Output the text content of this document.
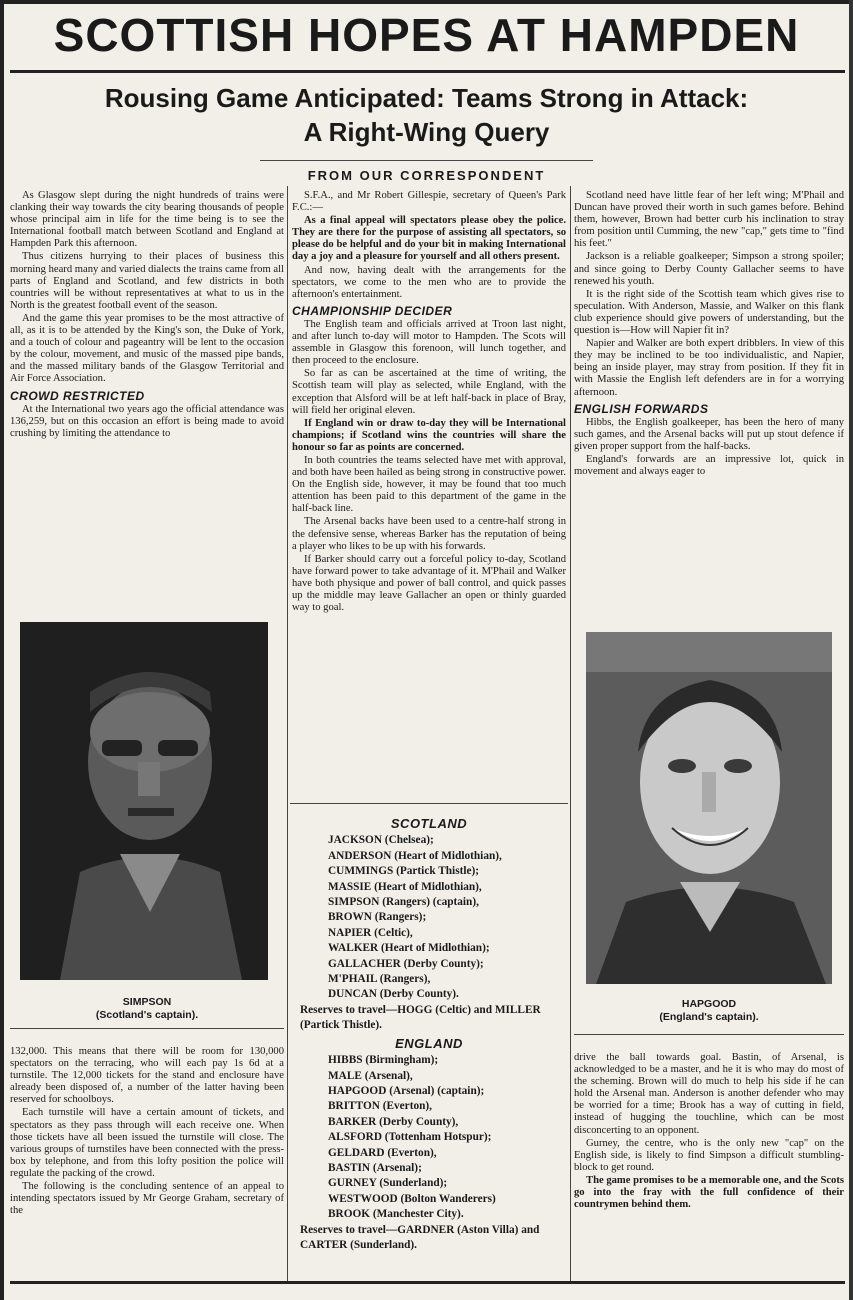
SCOTTISH HOPES AT HAMPDEN
Rousing Game Anticipated: Teams Strong in Attack:
A Right-Wing Query
FROM OUR CORRESPONDENT

As Glasgow slept during the night hundreds of trains were clanking their way towards the city bearing thousands of people whose principal aim in life for the time being is to see the International football match between Scotland and England at Hampden Park this afternoon.

Thus citizens hurrying to their places of business this morning heard many and varied dialects the trains came from all parts of England and Scotland, and few districts in both countries will be without representatives at what to us in the North is the greatest football event of the season.

And the game this year promises to be the most attractive of all, as it is to be attended by the King's son, the Duke of York, and a touch of colour and pageantry will be lent to the occasion by the colour, movement, and music of the massed pipe bands, and the massed military bands of the Glasgow Territorial and Air Force Association.

CROWD RESTRICTED

At the International two years ago the official attendance was 136,259, but on this occasion an effort is being made to avoid crushing by limiting the attendance to

S.F.A., and Mr Robert Gillespie, secretary of Queen's Park F.C.:—

As a final appeal will spectators please obey the police. They are there for the purpose of assisting all spectators, so please do be helpful and do your bit in making International day a joy and a pleasure for yourself and all others present.

And now, having dealt with the arrangements for the spectators, we come to the men who are to provide the afternoon's entertainment.

CHAMPIONSHIP DECIDER

The English team and officials arrived at Troon last night, and after lunch to-day will motor to Hampden. The Scots will assemble in Glasgow this forenoon, will lunch together, and then proceed to the enclosure.

So far as can be ascertained at the time of writing, the Scottish team will play as selected, while England, with the exception that Alsford will be at left half-back in place of Bray, will field her original eleven.

If England win or draw to-day they will be International champions; if Scotland wins the countries will share the honour so far as points are concerned.

In both countries the teams selected have met with approval, and both have been hailed as being strong in constructive power. On the English side, however, it may be found that too much attention has been paid to this department of the game in the half-back line.

The Arsenal backs have been used to a centre-half strong in the defensive sense, whereas Barker has the reputation of being a player who likes to be up with his forwards.

If Barker should carry out a forceful policy to-day, Scotland have forward power to take advantage of it. M'Phail and Walker have both physique and power of ball control, and quick passes up the middle may leave Gallacher an open or thinly guarded way to goal.

Scotland need have little fear of her left wing; M'Phail and Duncan have proved their worth in such games before. Behind them, however, Brown had better curb his inclination to stray from position until Cumming, the new "cap," gets time to "find his feet."

Jackson is a reliable goalkeeper; Simpson a strong spoiler; and since going to Derby County Gallacher seems to have renewed his youth.

It is the right side of the Scottish team which gives rise to speculation. With Anderson, Massie, and Walker on this flank club experience should give powers of understanding, but the question is—How will Napier fit in?

Napier and Walker are both expert dribblers. In view of this they may be inclined to be too individualistic, and Napier, being an inside player, may stray from position. If they fit in with Massie the English left defenders are in for a worrying afternoon.

ENGLISH FORWARDS

Hibbs, the English goalkeeper, has been the hero of many such games, and the Arsenal backs will put up stout defence if given proper support from the half-backs.

England's forwards are an impressive lot, quick in movement and always eager to

SIMPSON
(Scotland's captain).
HAPGOOD
(England's captain).
SCOTLAND
JACKSON (Chelsea);
ANDERSON (Heart of Midlothian),
CUMMINGS (Partick Thistle);
MASSIE (Heart of Midlothian),
SIMPSON (Rangers) (captain),
BROWN (Rangers);
NAPIER (Celtic),
WALKER (Heart of Midlothian);
GALLACHER (Derby County);
M'PHAIL (Rangers),
DUNCAN (Derby County).
Reserves to travel—HOGG (Celtic) and MILLER (Partick Thistle).
ENGLAND
HIBBS (Birmingham);
MALE (Arsenal),
HAPGOOD (Arsenal) (captain);
BRITTON (Everton),
BARKER (Derby County),
ALSFORD (Tottenham Hotspur);
GELDARD (Everton),
BASTIN (Arsenal);
GURNEY (Sunderland);
WESTWOOD (Bolton Wanderers)
BROOK (Manchester City).
Reserves to travel—GARDNER (Aston Villa) and CARTER (Sunderland).

132,000. This means that there will be room for 130,000 spectators on the terracing, who will each pay 1s 6d at a turnstile. The 12,000 tickets for the stand and enclosure have already been disposed of, a number of the latter having been reserved for schoolboys.

Each turnstile will have a certain amount of tickets, and spectators as they pass through will each receive one. When those tickets have all been issued the turnstile will close. The various groups of turnstiles have been connected with the press-box by telephone, and from this lofty position the police will regulate the packing of the crowd.

The following is the concluding sentence of an appeal to intending spectators issued by Mr George Graham, secretary of the

drive the ball towards goal. Bastin, of Arsenal, is acknowledged to be a master, and he it is who may do most of the scheming. Brown will do much to help his side if he can hold the Arsenal man. Anderson is another defender who may be worried for a time; Brook has a way of cutting in field, instead of hugging the touchline, which can be most disconcerting to an opponent.

Gurney, the centre, who is the only new "cap" on the English side, is likely to find Simpson a difficult stumbling-block to get round.

The game promises to be a memorable one, and the Scots go into the fray with the full confidence of their countrymen behind them.
